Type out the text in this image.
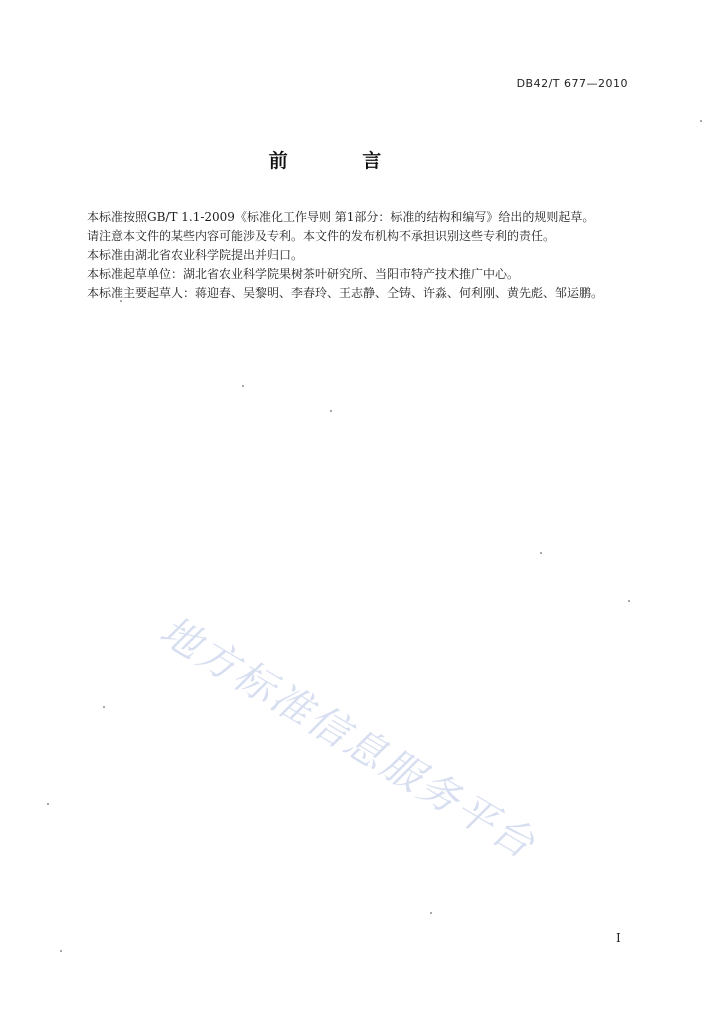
DB42/T 677—2010
前 言
本标准按照GB/T 1.1-2009《标准化工作导则 第1部分：标准的结构和编写》给出的规则起草。
请注意本文件的某些内容可能涉及专利。本文件的发布机构不承担识别这些专利的责任。
本标准由湖北省农业科学院提出并归口。
本标准起草单位：湖北省农业科学院果树茶叶研究所、当阳市特产技术推广中心。
本标准主要起草人：蒋迎春、吴黎明、李春玲、王志静、仝铸、许淼、何利刚、黄先彪、邹运鹏。
地方标准信息服务平台
I
